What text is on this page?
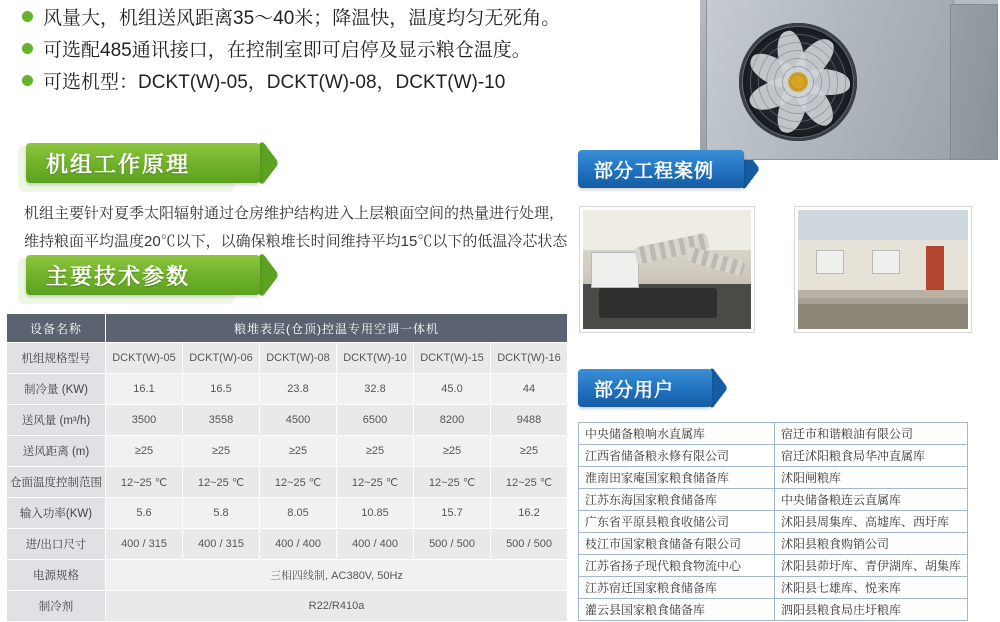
风量大，机组送风距离35～40米；降温快，温度均匀无死角。
可选配485通讯接口，在控制室即可启停及显示粮仓温度。
可选机型：DCKT(W)-05，DCKT(W)-08，DCKT(W)-10
机组工作原理
机组主要针对夏季太阳辐射通过仓房维护结构进入上层粮面空间的热量进行处理，维持粮面平均温度20℃以下，以确保粮堆长时间维持平均15℃以下的低温冷芯状态
主要技术参数
设备名称	粮堆表层(仓顶)控温专用空调一体机					
机组规格型号	DCKT(W)-05	DCKT(W)-06	DCKT(W)-08	DCKT(W)-10	DCKT(W)-15	DCKT(W)-16
制冷量 (KW)	16.1	16.5	23.8	32.8	45.0	44
送风量 (m³/h)	3500	3558	4500	6500	8200	9488
送风距离 (m)	≥25	≥25	≥25	≥25	≥25	≥25
仓面温度控制范围	12~25 ℃	12~25 ℃	12~25 ℃	12~25 ℃	12~25 ℃	12~25 ℃
输入功率(KW)	5.6	5.8	8.05	10.85	15.7	16.2
进/出口尺寸	400 / 315	400 / 315	400 / 400	400 / 400	500 / 500	500 / 500
电源规格	三相四线制, AC380V, 50Hz					
制冷剂	R22/R410a					
部分工程案例
部分用户
中央储备粮响水直属库	宿迁市和谐粮油有限公司
江西省储备粮永修有限公司	宿迁沭阳粮食局华冲直属库
淮南田家庵国家粮食储备库	沭阳闸粮库
江苏东海国家粮食储备库	中央储备粮连云直属库
广东省平原县粮食收储公司	沭阳县周集库、高墟库、西圩库
枝江市国家粮食储备有限公司	沭阳县粮食购销公司
江苏省扬子现代粮食物流中心	沭阳县茆圩库、青伊湖库、胡集库
江苏宿迁国家粮食储备库	沭阳县七雄库、悦来库
灌云县国家粮食储备库	泗阳县粮食局庄圩粮库
